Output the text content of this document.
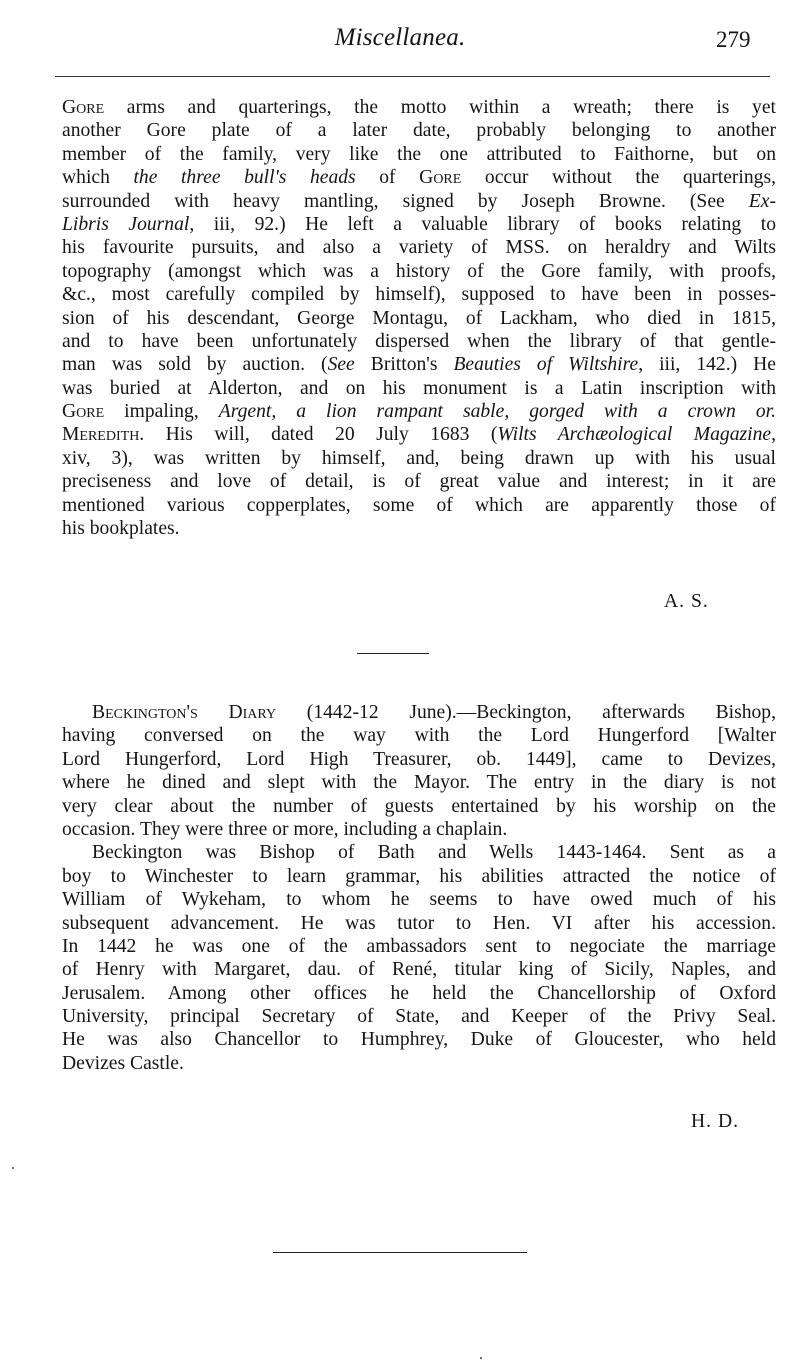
Miscellanea.	279
Gore arms and quarterings, the motto within a wreath; there is yet
another Gore plate of a later date, probably belonging to another
member of the family, very like the one attributed to Faithorne, but on
which the three bull's heads of Gore occur without the quarterings,
surrounded with heavy mantling, signed by Joseph Browne. (See Ex-
Libris Journal, iii, 92.) He left a valuable library of books relating to
his favourite pursuits, and also a variety of MSS. on heraldry and Wilts
topography (amongst which was a history of the Gore family, with proofs,
&c., most carefully compiled by himself), supposed to have been in posses-
sion of his descendant, George Montagu, of Lackham, who died in 1815,
and to have been unfortunately dispersed when the library of that gentle-
man was sold by auction. (See Britton's Beauties of Wiltshire, iii, 142.) He
was buried at Alderton, and on his monument is a Latin inscription with
Gore impaling, Argent, a lion rampant sable, gorged with a crown or.
Meredith. His will, dated 20 July 1683 (Wilts Archæological Magazine,
xiv, 3), was written by himself, and, being drawn up with his usual
preciseness and love of detail, is of great value and interest; in it are
mentioned various copperplates, some of which are apparently those of
his bookplates.
A. S.
Beckington's Diary (1442-12 June).—Beckington, afterwards Bishop,
having conversed on the way with the Lord Hungerford [Walter
Lord Hungerford, Lord High Treasurer, ob. 1449], came to Devizes,
where he dined and slept with the Mayor. The entry in the diary is not
very clear about the number of guests entertained by his worship on the
occasion. They were three or more, including a chaplain.
Beckington was Bishop of Bath and Wells 1443-1464. Sent as a
boy to Winchester to learn grammar, his abilities attracted the notice of
William of Wykeham, to whom he seems to have owed much of his
subsequent advancement. He was tutor to Hen. VI after his accession.
In 1442 he was one of the ambassadors sent to negociate the marriage
of Henry with Margaret, dau. of René, titular king of Sicily, Naples, and
Jerusalem. Among other offices he held the Chancellorship of Oxford
University, principal Secretary of State, and Keeper of the Privy Seal.
He was also Chancellor to Humphrey, Duke of Gloucester, who held
Devizes Castle.
H. D.
